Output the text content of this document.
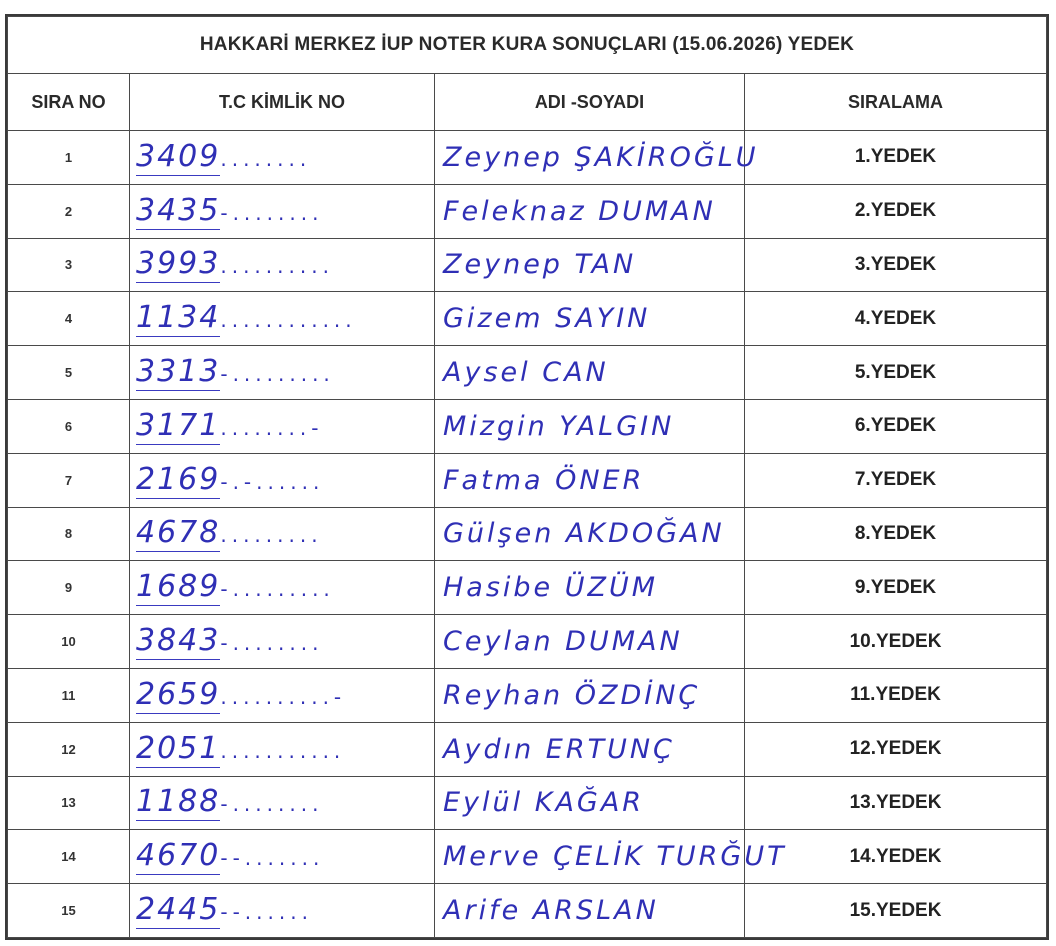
HAKKARİ MERKEZ İUP NOTER KURA SONUÇLARI (15.06.2026) YEDEK			
SIRA NO	T.C KİMLİK NO	ADI -SOYADI	SIRALAMA
1	3409........	Zeynep ŞAKİROĞLU	1.YEDEK
2	3435-........	Feleknaz DUMAN	2.YEDEK
3	3993..........	Zeynep TAN	3.YEDEK
4	1134............	Gizem SAYIN	4.YEDEK
5	3313-.........	Aysel CAN	5.YEDEK
6	3171........-	Mizgin YALGIN	6.YEDEK
7	2169-.-......	Fatma ÖNER	7.YEDEK
8	4678.........	Gülşen AKDOĞAN	8.YEDEK
9	1689-.........	Hasibe ÜZÜM	9.YEDEK
10	3843-........	Ceylan DUMAN	10.YEDEK
11	2659..........-	Reyhan ÖZDİNÇ	11.YEDEK
12	2051...........	Aydın ERTUNÇ	12.YEDEK
13	1188-........	Eylül KAĞAR	13.YEDEK
14	4670--.......	Merve ÇELİK TURĞUT	14.YEDEK
15	2445--......	Arife ARSLAN	15.YEDEK
